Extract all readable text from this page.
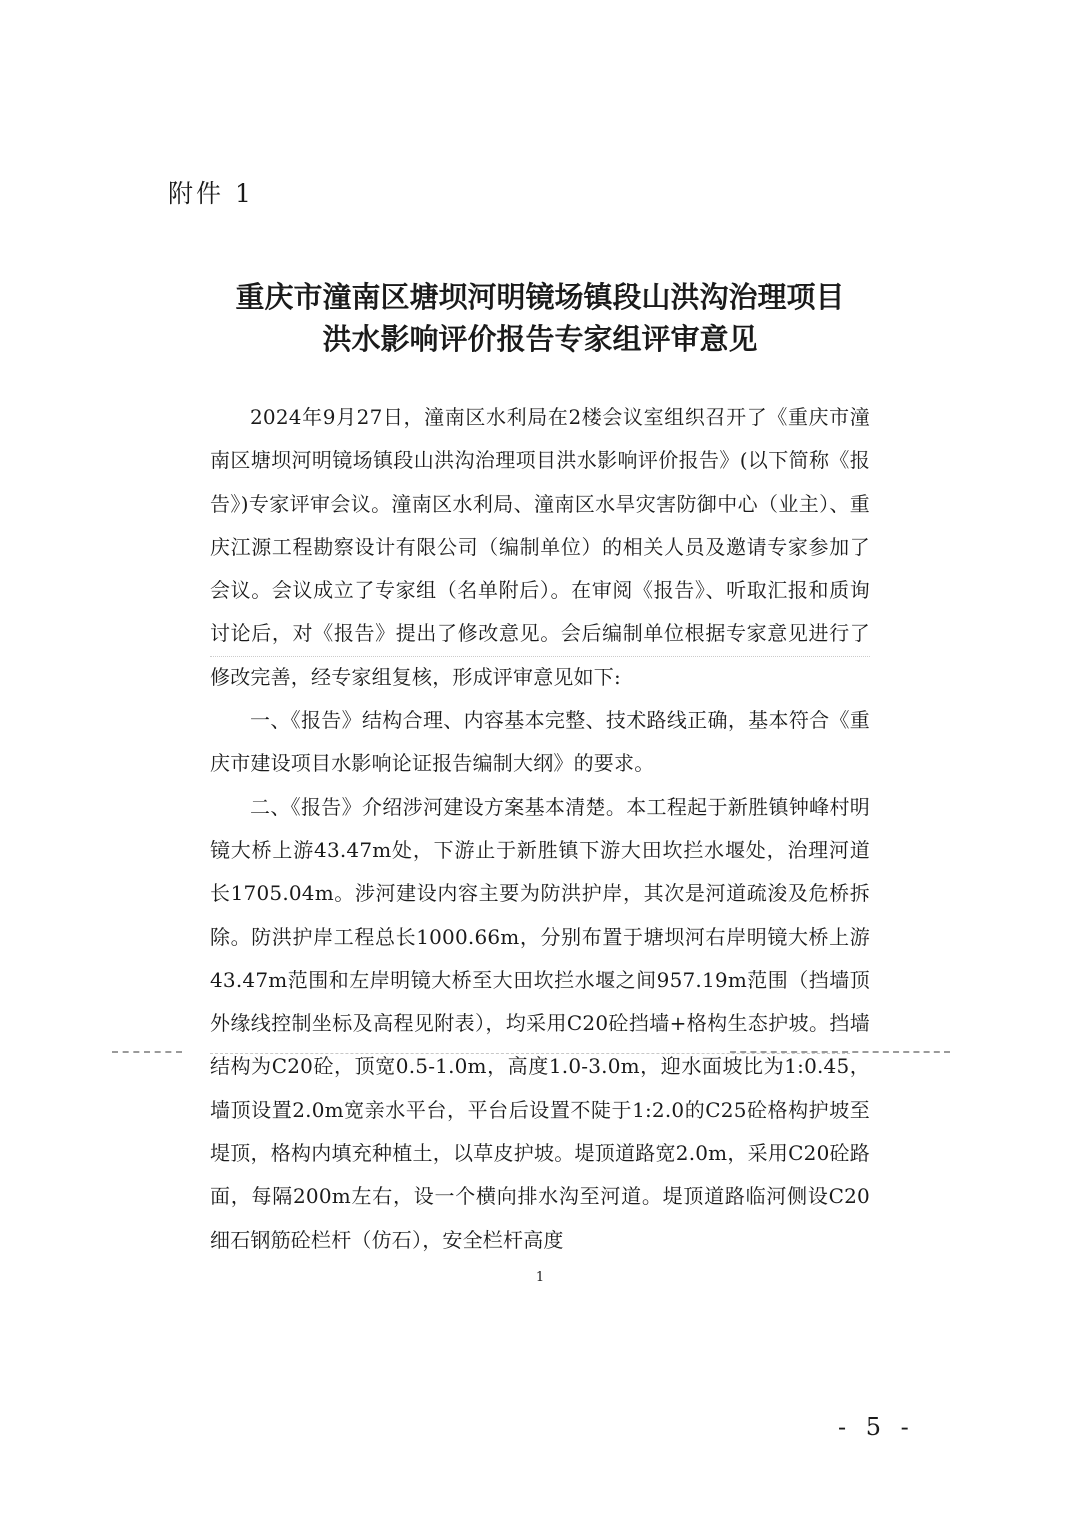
附件 1

重庆市潼南区塘坝河明镜场镇段山洪沟治理项目
洪水影响评价报告专家组评审意见

2024年9月27日，潼南区水利局在2楼会议室组织召开了《重庆市潼南区塘坝河明镜场镇段山洪沟治理项目洪水影响评价报告》(以下简称《报告》)专家评审会议。潼南区水利局、潼南区水旱灾害防御中心（业主）、重庆江源工程勘察设计有限公司（编制单位）的相关人员及邀请专家参加了会议。会议成立了专家组（名单附后）。在审阅《报告》、听取汇报和质询讨论后，对《报告》提出了修改意见。会后编制单位根据专家意见进行了修改完善，经专家组复核，形成评审意见如下:

一、《报告》结构合理、内容基本完整、技术路线正确，基本符合《重庆市建设项目水影响论证报告编制大纲》的要求。

二、《报告》介绍涉河建设方案基本清楚。本工程起于新胜镇钟峰村明镜大桥上游43.47m处，下游止于新胜镇下游大田坎拦水堰处，治理河道长1705.04m。涉河建设内容主要为防洪护岸，其次是河道疏浚及危桥拆除。防洪护岸工程总长1000.66m，分别布置于塘坝河右岸明镜大桥上游43.47m范围和左岸明镜大桥至大田坎拦水堰之间957.19m范围（挡墙顶外缘线控制坐标及高程见附表），均采用C20砼挡墙+格构生态护坡。挡墙结构为C20砼，顶宽0.5-1.0m，高度1.0-3.0m，迎水面坡比为1:0.45，墙顶设置2.0m宽亲水平台，平台后设置不陡于1:2.0的C25砼格构护坡至堤顶，格构内填充种植土，以草皮护坡。堤顶道路宽2.0m，采用C20砼路面，每隔200m左右，设一个横向排水沟至河道。堤顶道路临河侧设C20细石钢筋砼栏杆（仿石），安全栏杆高度

1

- 5 -
